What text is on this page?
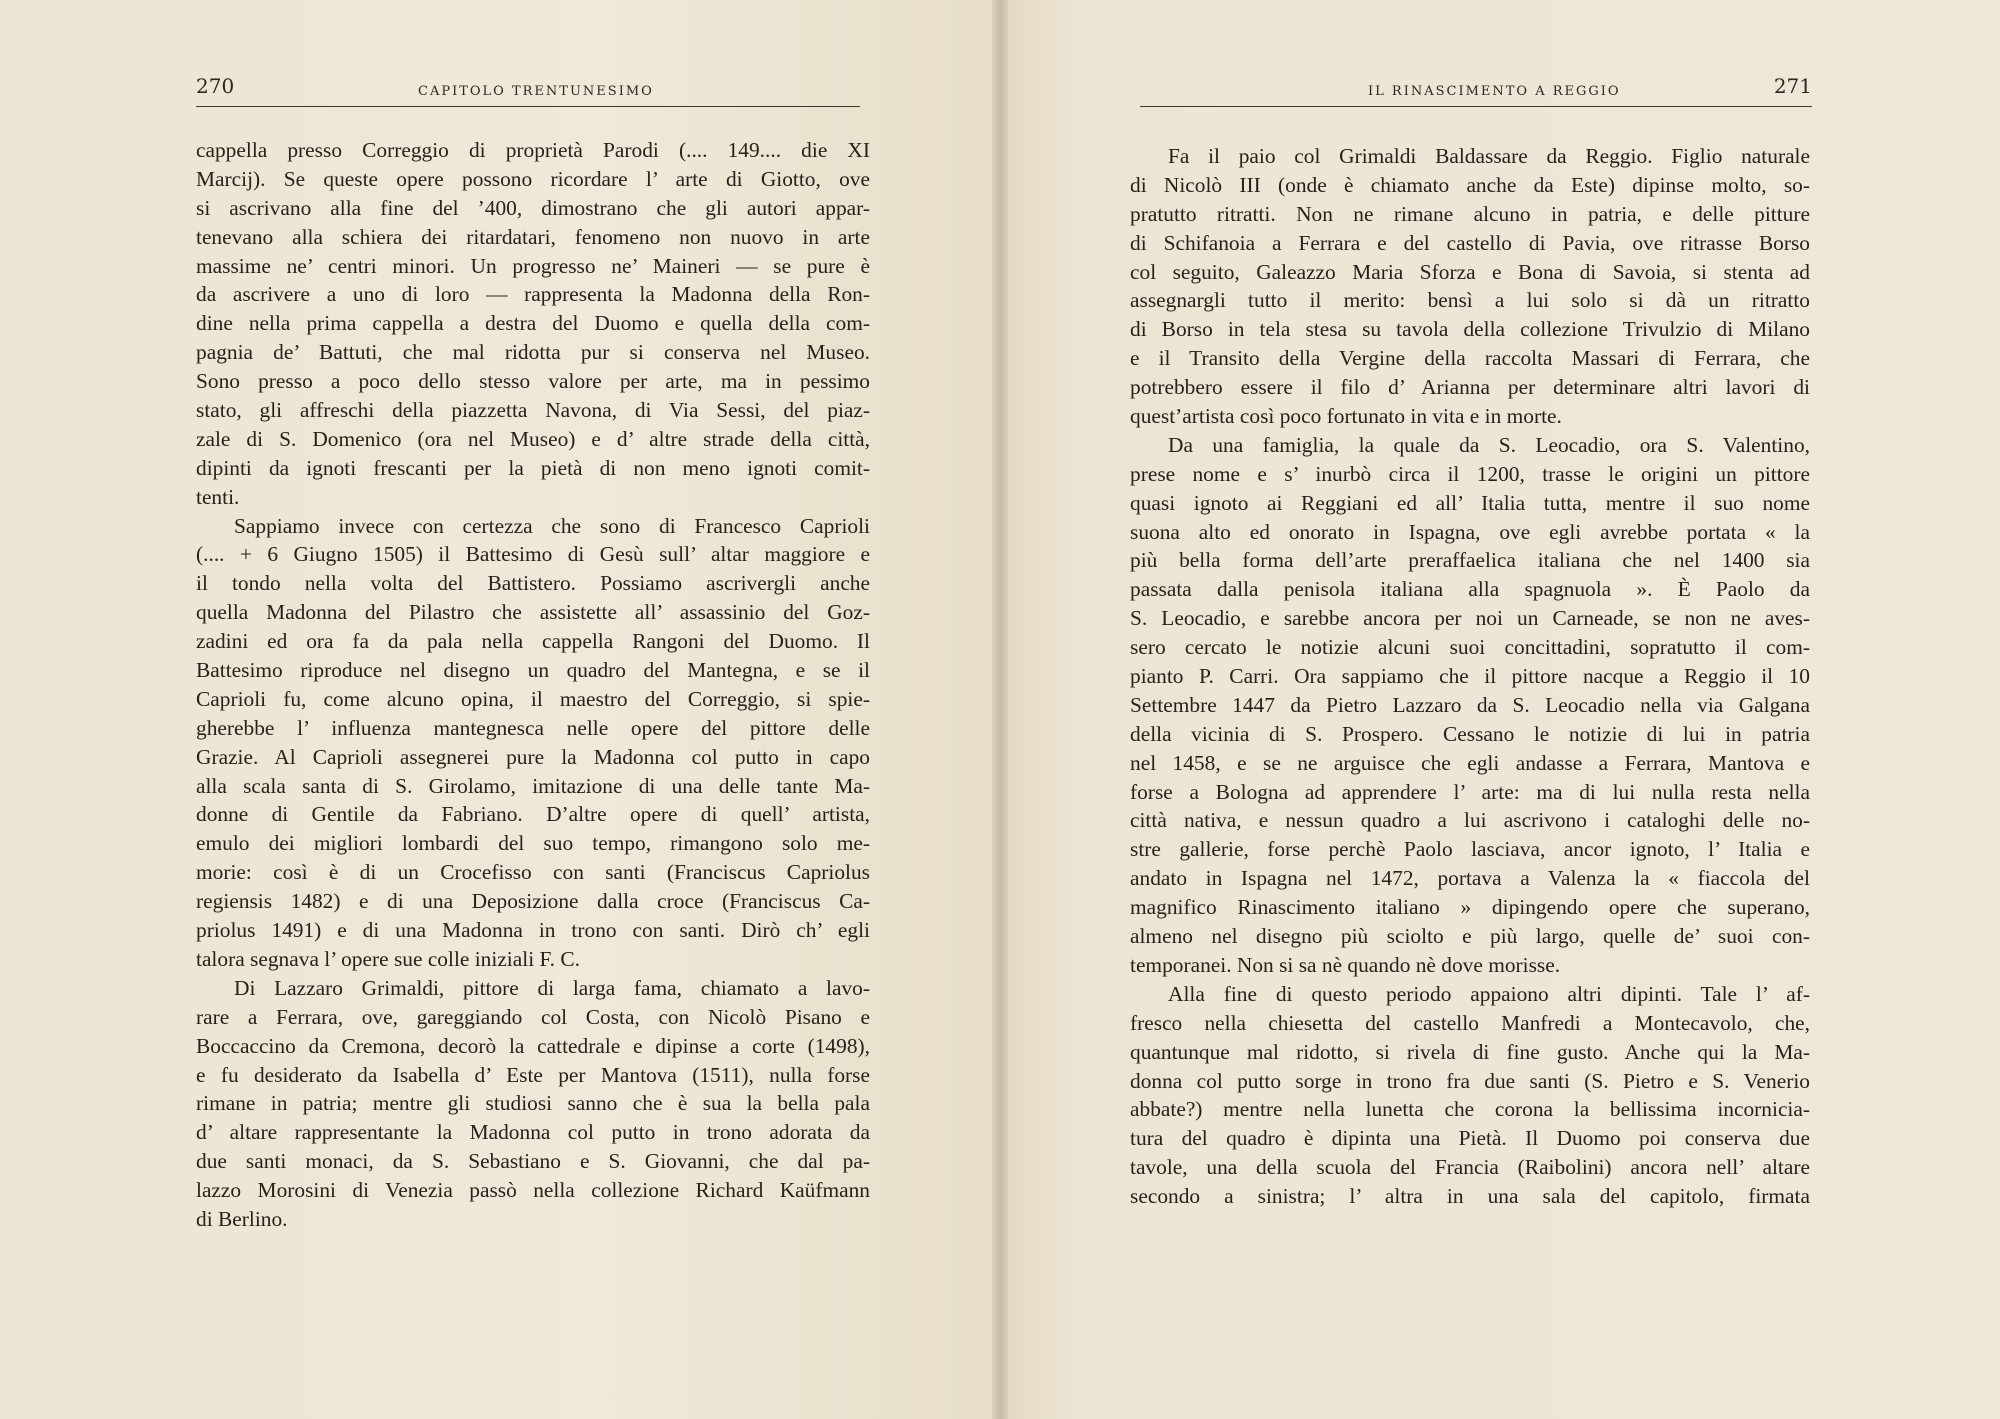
270	CAPITOLO TRENTUNESIMO
cappella presso Correggio di proprietà Parodi (.... 149.... die XI
Marcij). Se queste opere possono ricordare l’ arte di Giotto, ove
si ascrivano alla fine del ’400, dimostrano che gli autori appar-
tenevano alla schiera dei ritardatari, fenomeno non nuovo in arte
massime ne’ centri minori. Un progresso ne’ Maineri — se pure è
da ascrivere a uno di loro — rappresenta la Madonna della Ron-
dine nella prima cappella a destra del Duomo e quella della com-
pagnia de’ Battuti, che mal ridotta pur si conserva nel Museo.
Sono presso a poco dello stesso valore per arte, ma in pessimo
stato, gli affreschi della piazzetta Navona, di Via Sessi, del piaz-
zale di S. Domenico (ora nel Museo) e d’ altre strade della città,
dipinti da ignoti frescanti per la pietà di non meno ignoti comit-
tenti.
Sappiamo invece con certezza che sono di Francesco Caprioli
(.... + 6 Giugno 1505) il Battesimo di Gesù sull’ altar maggiore e
il tondo nella volta del Battistero. Possiamo ascrivergli anche
quella Madonna del Pilastro che assistette all’ assassinio del Goz-
zadini ed ora fa da pala nella cappella Rangoni del Duomo. Il
Battesimo riproduce nel disegno un quadro del Mantegna, e se il
Caprioli fu, come alcuno opina, il maestro del Correggio, si spie-
gherebbe l’ influenza mantegnesca nelle opere del pittore delle
Grazie. Al Caprioli assegnerei pure la Madonna col putto in capo
alla scala santa di S. Girolamo, imitazione di una delle tante Ma-
donne di Gentile da Fabriano. D’altre opere di quell’ artista,
emulo dei migliori lombardi del suo tempo, rimangono solo me-
morie: così è di un Crocefisso con santi (Franciscus Capriolus
regiensis 1482) e di una Deposizione dalla croce (Franciscus Ca-
priolus 1491) e di una Madonna in trono con santi. Dirò ch’ egli
talora segnava l’ opere sue colle iniziali F. C.
Di Lazzaro Grimaldi, pittore di larga fama, chiamato a lavo-
rare a Ferrara, ove, gareggiando col Costa, con Nicolò Pisano e
Boccaccino da Cremona, decorò la cattedrale e dipinse a corte (1498),
e fu desiderato da Isabella d’ Este per Mantova (1511), nulla forse
rimane in patria; mentre gli studiosi sanno che è sua la bella pala
d’ altare rappresentante la Madonna col putto in trono adorata da
due santi monaci, da S. Sebastiano e S. Giovanni, che dal pa-
lazzo Morosini di Venezia passò nella collezione Richard Kaüfmann
di Berlino.
IL RINASCIMENTO A REGGIO	271
Fa il paio col Grimaldi Baldassare da Reggio. Figlio naturale
di Nicolò III (onde è chiamato anche da Este) dipinse molto, so-
pratutto ritratti. Non ne rimane alcuno in patria, e delle pitture
di Schifanoia a Ferrara e del castello di Pavia, ove ritrasse Borso
col seguito, Galeazzo Maria Sforza e Bona di Savoia, si stenta ad
assegnargli tutto il merito: bensì a lui solo si dà un ritratto
di Borso in tela stesa su tavola della collezione Trivulzio di Milano
e il Transito della Vergine della raccolta Massari di Ferrara, che
potrebbero essere il filo d’ Arianna per determinare altri lavori di
quest’artista così poco fortunato in vita e in morte.
Da una famiglia, la quale da S. Leocadio, ora S. Valentino,
prese nome e s’ inurbò circa il 1200, trasse le origini un pittore
quasi ignoto ai Reggiani ed all’ Italia tutta, mentre il suo nome
suona alto ed onorato in Ispagna, ove egli avrebbe portata « la
più bella forma dell’arte preraffaelica italiana che nel 1400 sia
passata dalla penisola italiana alla spagnuola ». È Paolo da
S. Leocadio, e sarebbe ancora per noi un Carneade, se non ne aves-
sero cercato le notizie alcuni suoi concittadini, sopratutto il com-
pianto P. Carri. Ora sappiamo che il pittore nacque a Reggio il 10
Settembre 1447 da Pietro Lazzaro da S. Leocadio nella via Galgana
della vicinia di S. Prospero. Cessano le notizie di lui in patria
nel 1458, e se ne arguisce che egli andasse a Ferrara, Mantova e
forse a Bologna ad apprendere l’ arte: ma di lui nulla resta nella
città nativa, e nessun quadro a lui ascrivono i cataloghi delle no-
stre gallerie, forse perchè Paolo lasciava, ancor ignoto, l’ Italia e
andato in Ispagna nel 1472, portava a Valenza la « fiaccola del
magnifico Rinascimento italiano » dipingendo opere che superano,
almeno nel disegno più sciolto e più largo, quelle de’ suoi con-
temporanei. Non si sa nè quando nè dove morisse.
Alla fine di questo periodo appaiono altri dipinti. Tale l’ af-
fresco nella chiesetta del castello Manfredi a Montecavolo, che,
quantunque mal ridotto, si rivela di fine gusto. Anche qui la Ma-
donna col putto sorge in trono fra due santi (S. Pietro e S. Venerio
abbate?) mentre nella lunetta che corona la bellissima incornicia-
tura del quadro è dipinta una Pietà. Il Duomo poi conserva due
tavole, una della scuola del Francia (Raibolini) ancora nell’ altare
secondo a sinistra; l’ altra in una sala del capitolo, firmata
